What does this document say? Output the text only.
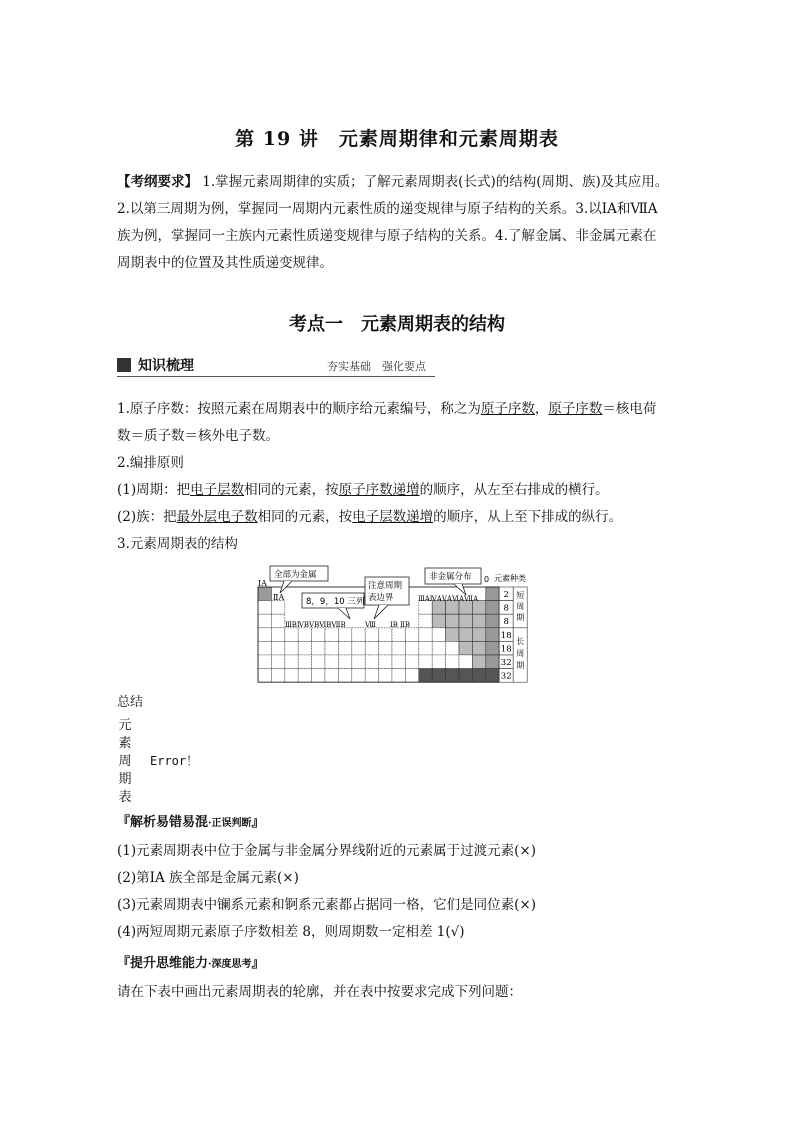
第 19 讲　元素周期律和元素周期表
【考纲要求】 1.掌握元素周期律的实质；了解元素周期表(长式)的结构(周期、族)及其应用。
2.以第三周期为例，掌握同一周期内元素性质的递变规律与原子结构的关系。3.以ⅠA和ⅦA
族为例，掌握同一主族内元素性质递变规律与原子结构的关系。4.了解金属、非金属元素在
周期表中的位置及其性质递变规律。
考点一　元素周期表的结构
知识梳理	夯实基础　强化要点
1.原子序数：按照元素在周期表中的顺序给元素编号，称之为原子序数，原子序数＝核电荷
数＝质子数＝核外电子数。
2.编排原则
(1)周期：把电子层数相同的元素，按原子序数递增的顺序，从左至右排成的横行。
(2)族：把最外层电子数相同的元素，按电子层数递增的顺序，从上至下排成的纵行。
3.元素周期表的结构
全部为金属
8，9，10 三列
注意周期
表边界
非金属分布 0 元素种类
ⅠA
ⅡA
ⅢBⅣBⅤBⅥBⅦB	Ⅷ ⅠB ⅡB
ⅢAⅣAⅤAⅥAⅦA	2
8
8
18
18
32
32
短
周
期
长
周
期
总结
元
素
周
期
表
Error！
『解析易错易混·正误判断』
(1)元素周期表中位于金属与非金属分界线附近的元素属于过渡元素(×)
(2)第ⅠA 族全部是金属元素(×)
(3)元素周期表中镧系元素和锕系元素都占据同一格，它们是同位素(×)
(4)两短周期元素原子序数相差 8，则周期数一定相差 1(√)
『提升思维能力·深度思考』
请在下表中画出元素周期表的轮廓，并在表中按要求完成下列问题：
